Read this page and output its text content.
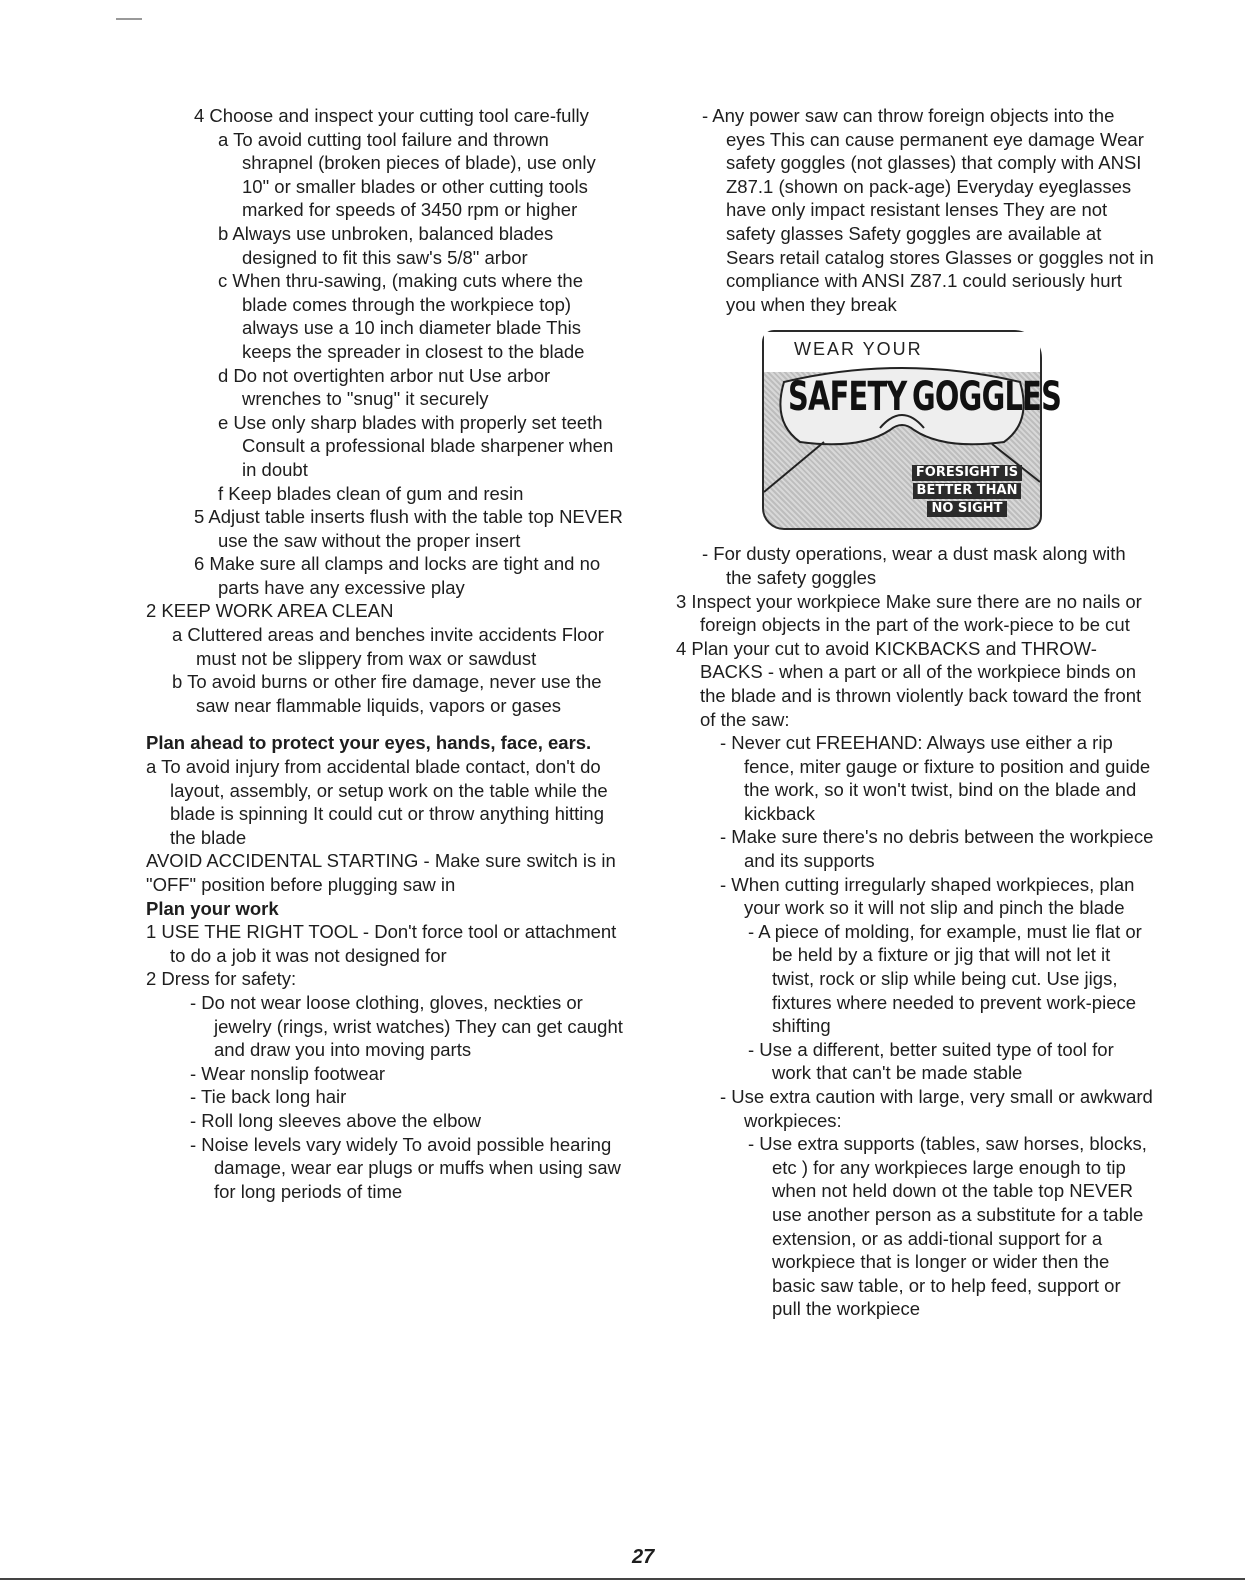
4 Choose and inspect your cutting tool care-fully

a To avoid cutting tool failure and thrown shrapnel (broken pieces of blade), use only 10" or smaller blades or other cutting tools marked for speeds of 3450 rpm or higher

b Always use unbroken, balanced blades designed to fit this saw's 5/8" arbor

c When thru-sawing, (making cuts where the blade comes through the workpiece top) always use a 10 inch diameter blade This keeps the spreader in closest to the blade

d Do not overtighten arbor nut Use arbor wrenches to "snug" it securely

e Use only sharp blades with properly set teeth Consult a professional blade sharpener when in doubt

f Keep blades clean of gum and resin

5 Adjust table inserts flush with the table top NEVER use the saw without the proper insert

6 Make sure all clamps and locks are tight and no parts have any excessive play

2 KEEP WORK AREA CLEAN

a Cluttered areas and benches invite accidents Floor must not be slippery from wax or sawdust

b To avoid burns or other fire damage, never use the saw near flammable liquids, vapors or gases

Plan ahead to protect your eyes, hands, face, ears.

a To avoid injury from accidental blade contact, don't do layout, assembly, or setup work on the table while the blade is spinning It could cut or throw anything hitting the blade

AVOID ACCIDENTAL STARTING - Make sure switch is in "OFF" position before plugging saw in

Plan your work

1 USE THE RIGHT TOOL - Don't force tool or attachment to do a job it was not designed for

2 Dress for safety:

- Do not wear loose clothing, gloves, neckties or jewelry (rings, wrist watches) They can get caught and draw you into moving parts

- Wear nonslip footwear

- Tie back long hair

- Roll long sleeves above the elbow

- Noise levels vary widely To avoid possible hearing damage, wear ear plugs or muffs when using saw for long periods of time

- Any power saw can throw foreign objects into the eyes This can cause permanent eye damage Wear safety goggles (not glasses) that comply with ANSI Z87.1 (shown on pack-age) Everyday eyeglasses have only impact resistant lenses They are not safety glasses Safety goggles are available at Sears retail catalog stores Glasses or goggles not in compliance with ANSI Z87.1 could seriously hurt you when they break

WEAR YOUR
SAFETY GOGGLES
FORESIGHT IS
BETTER THAN
NO SIGHT

- For dusty operations, wear a dust mask along with the safety goggles

3 Inspect your workpiece Make sure there are no nails or foreign objects in the part of the work-piece to be cut

4 Plan your cut to avoid KICKBACKS and THROW-BACKS - when a part or all of the workpiece binds on the blade and is thrown violently back toward the front of the saw:

- Never cut FREEHAND: Always use either a rip fence, miter gauge or fixture to position and guide the work, so it won't twist, bind on the blade and kickback

- Make sure there's no debris between the workpiece and its supports

- When cutting irregularly shaped workpieces, plan your work so it will not slip and pinch the blade

- A piece of molding, for example, must lie flat or be held by a fixture or jig that will not let it twist, rock or slip while being cut. Use jigs, fixtures where needed to prevent work-piece shifting

- Use a different, better suited type of tool for work that can't be made stable

- Use extra caution with large, very small or awkward workpieces:

- Use extra supports (tables, saw horses, blocks, etc ) for any workpieces large enough to tip when not held down ot the table top NEVER use another person as a substitute for a table extension, or as addi-tional support for a workpiece that is longer or wider then the basic saw table, or to help feed, support or pull the workpiece

27
